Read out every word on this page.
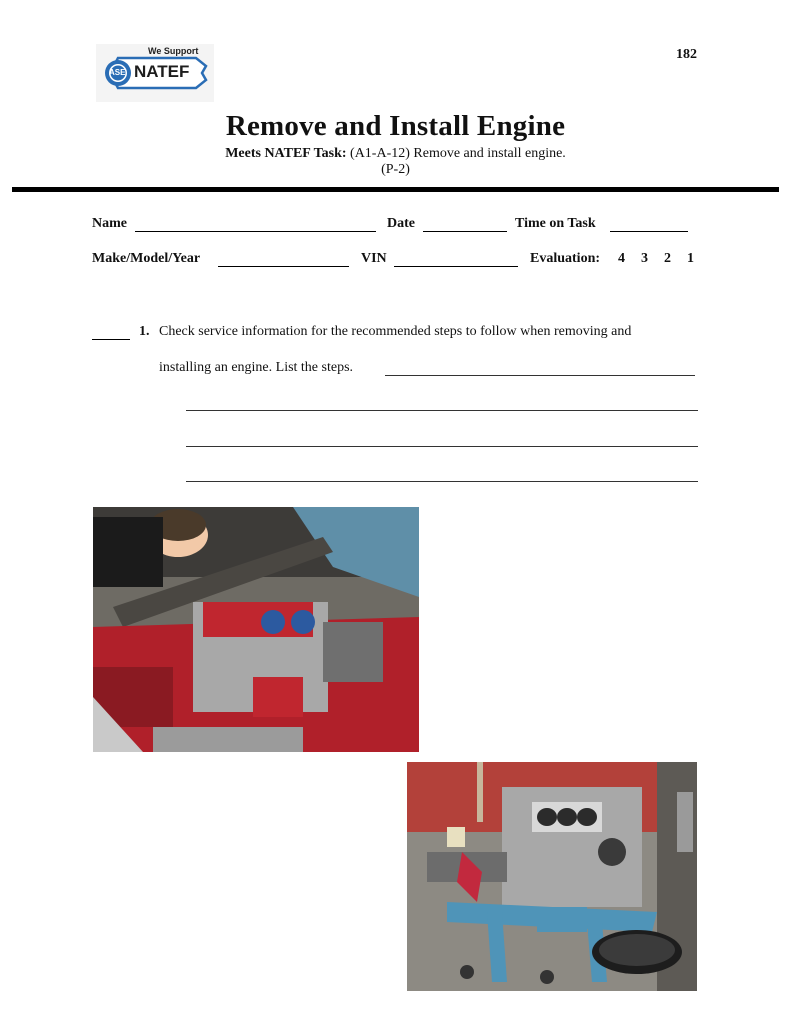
We Support
ASE NATEF
182
Remove and Install Engine
Meets NATEF Task: (A1-A-12) Remove and install engine.
(P-2)
Name	Date	Time on Task
Make/Model/Year	VIN	Evaluation: 4 3 2 1
1. Check service information for the recommended steps to follow when removing and
installing an engine. List the steps.
